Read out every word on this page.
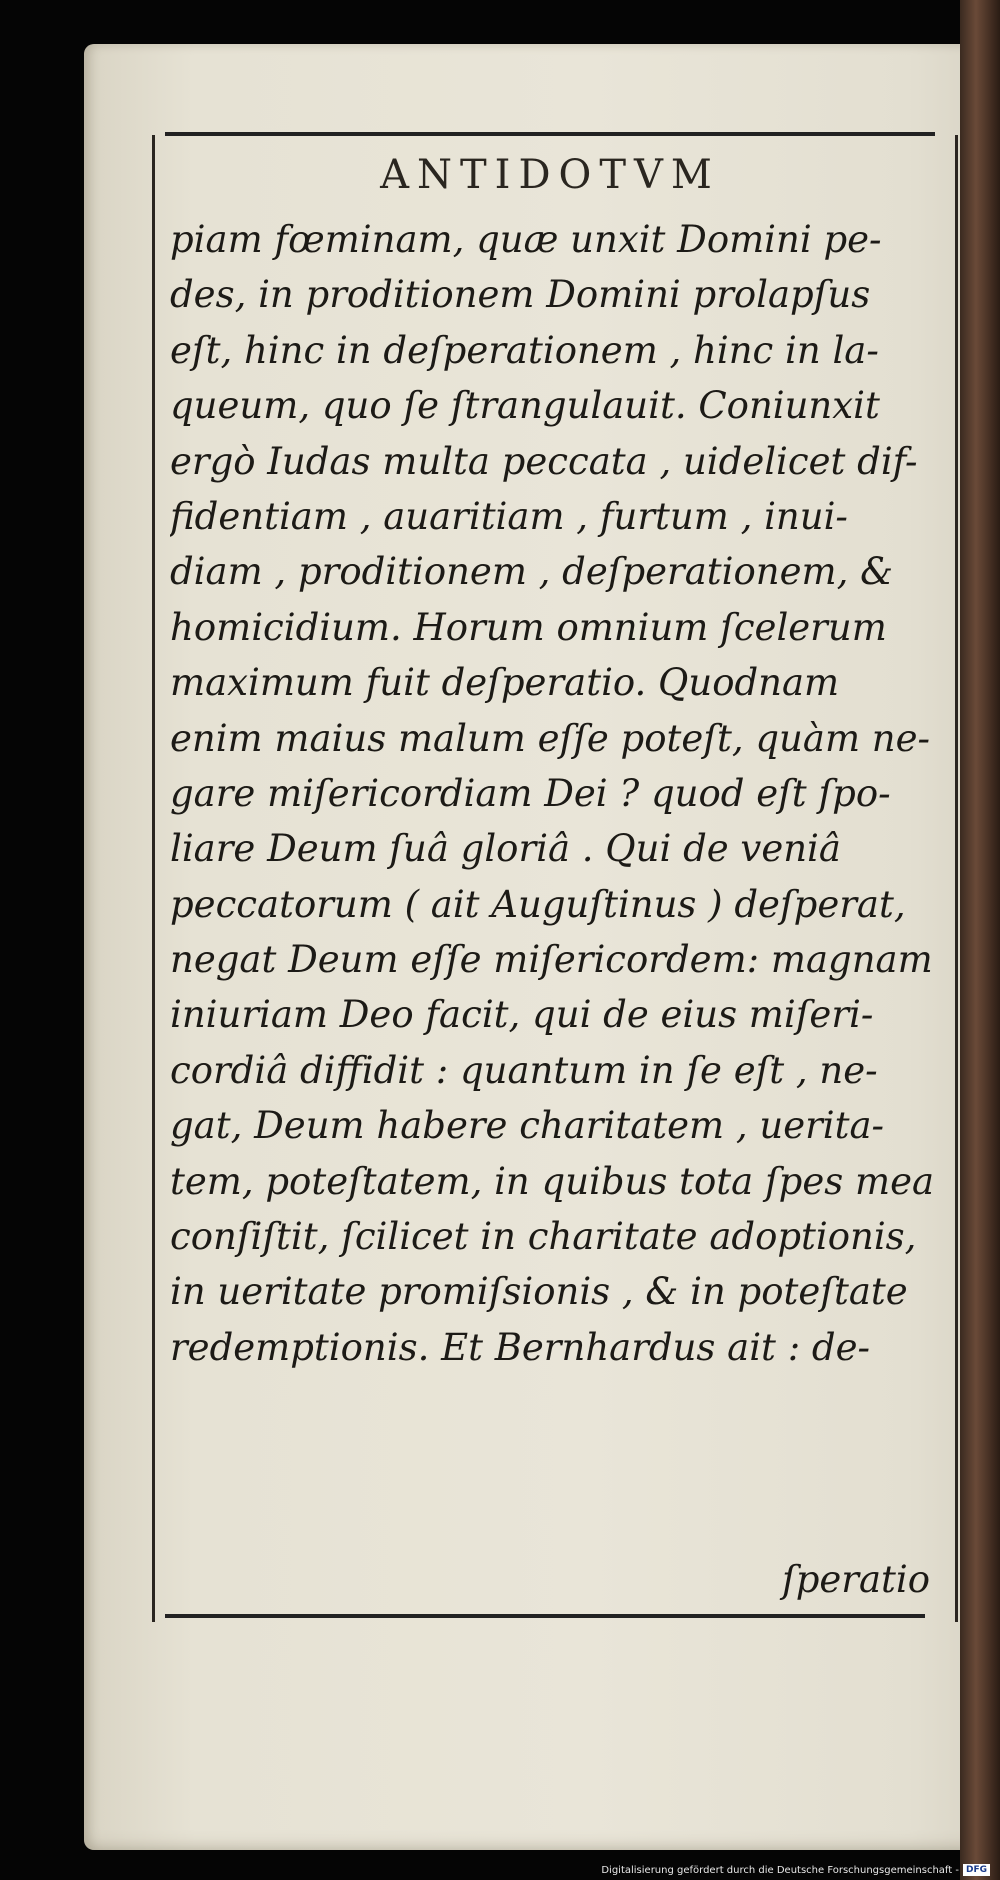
ANTIDOTVM
piam fœminam, quæ unxit Domini pe-
des, in proditionem Domini prolapſus
eſt, hinc in deſperationem , hinc in la-
queum, quo ſe ſtrangulauit. Coniunxit
ergò Iudas multa peccata , uidelicet dif-
fidentiam , auaritiam , furtum , inui-
diam , proditionem , deſperationem, &
homicidium. Horum omnium ſcelerum
maximum fuit deſperatio. Quodnam
enim maius malum eſſe poteſt, quàm ne-
gare miſericordiam Dei ? quod eſt ſpo-
liare Deum ſuâ gloriâ . Qui de veniâ
peccatorum ( ait Auguſtinus ) deſperat,
negat Deum eſſe miſericordem: magnam
iniuriam Deo facit, qui de eius miſeri-
cordiâ diffidit : quantum in ſe eſt , ne-
gat, Deum habere charitatem , uerita-
tem, poteſtatem, in quibus tota ſpes mea
conſiſtit, ſcilicet in charitate adoptionis,
in ueritate promiſsionis , & in poteſtate
redemptionis. Et Bernhardus ait : de-
ſperatio
Digitalisierung gefördert durch die Deutsche Forschungsgemeinschaft - DFG
